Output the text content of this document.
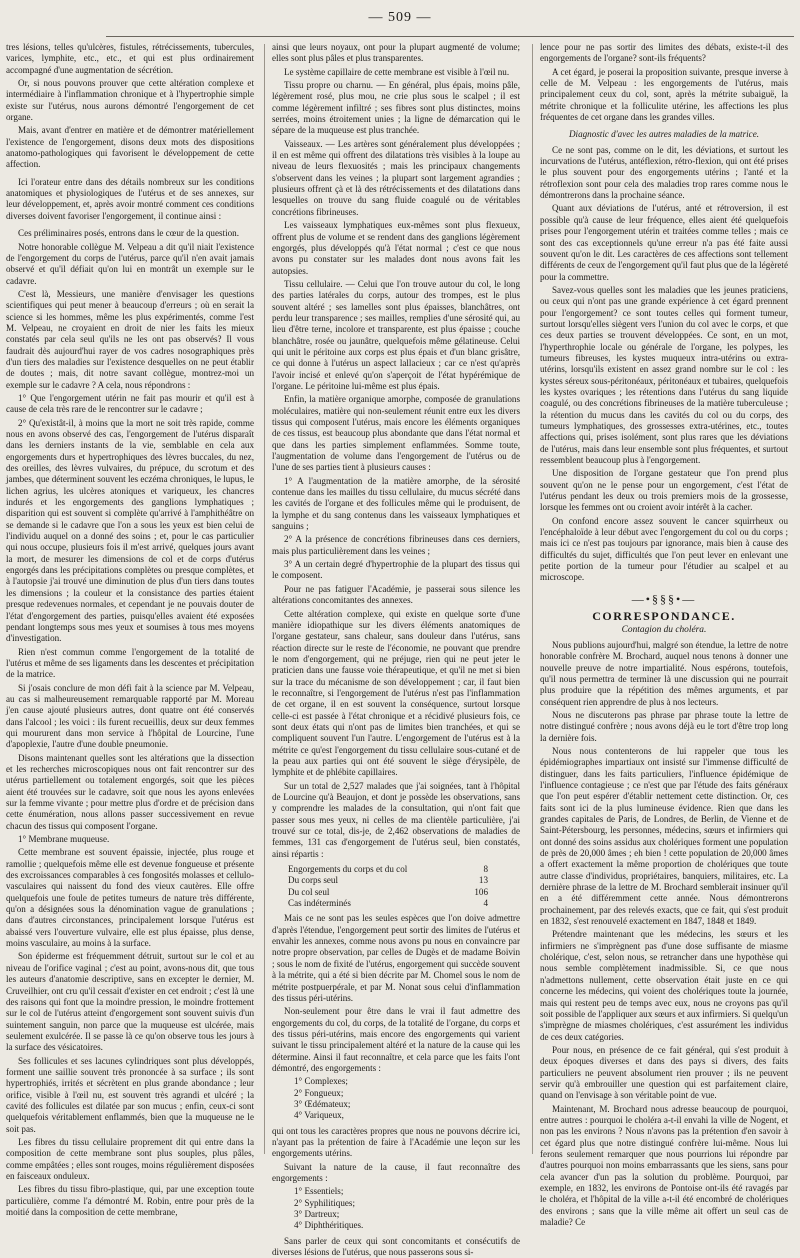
— 509 —

tres lésions, telles qu'ulcères, fistules, rétrécissements, tubercules, varices, lymphite, etc., etc., et qui est plus ordinairement accompagné d'une augmentation de sécrétion.

Or, si nous pouvons prouver que cette altération complexe et intermédiaire à l'inflammation chronique et à l'hypertrophie simple existe sur l'utérus, nous aurons démontré l'engorgement de cet organe.

Mais, avant d'entrer en matière et de démontrer matériellement l'existence de l'engorgement, disons deux mots des dispositions anatomo-pathologiques qui favorisent le développement de cette affection.

Ici l'orateur entre dans des détails nombreux sur les conditions anatomiques et physiologiques de l'utérus et de ses annexes, sur leur développement, et, après avoir montré comment ces conditions diverses doivent favoriser l'engorgement, il continue ainsi :

Ces préliminaires posés, entrons dans le cœur de la question.

Notre honorable collègue M. Velpeau a dit qu'il niait l'existence de l'engorgement du corps de l'utérus, parce qu'il n'en avait jamais observé et qu'il défiait qu'on lui en montrât un exemple sur le cadavre.

C'est là, Messieurs, une manière d'envisager les questions scientifiques qui peut mener à beaucoup d'erreurs ; où en serait la science si les hommes, même les plus expérimentés, comme l'est M. Velpeau, ne croyaient en droit de nier les faits les mieux constatés par cela seul qu'ils ne les ont pas observés? Il vous faudrait dès aujourd'hui rayer de vos cadres nosographiques près d'un tiers des maladies sur l'existence desquelles on ne peut établir de doutes ; mais, dit notre savant collègue, montrez-moi un exemple sur le cadavre ? A cela, nous répondrons :

1° Que l'engorgement utérin ne fait pas mourir et qu'il est à cause de cela très rare de le rencontrer sur le cadavre ;

2° Qu'existât-il, à moins que la mort ne soit très rapide, comme nous en avons observé des cas, l'engorgement de l'utérus disparaît dans les derniers instants de la vie, semblable en cela aux engorgements durs et hypertrophiques des lèvres buccales, du nez, des oreilles, des lèvres vulvaires, du prépuce, du scrotum et des jambes, que déterminent souvent les eczéma chroniques, le lupus, le lichen agrius, les ulcères atoniques et variqueux, les chancres indurés et les engorgements des ganglions lymphatiques ; disparition qui est souvent si complète qu'arrivé à l'amphithéâtre on se demande si le cadavre que l'on a sous les yeux est bien celui de l'individu auquel on a donné des soins ; et, pour le cas particulier qui nous occupe, plusieurs fois il m'est arrivé, quelques jours avant la mort, de mesurer les dimensions de col et de corps d'utérus engorgés dans les précipitations complètes ou presque complètes, et à l'autopsie j'ai trouvé une diminution de plus d'un tiers dans toutes les dimensions ; la couleur et la consistance des parties étaient presque redevenues normales, et cependant je ne pouvais douter de l'état d'engorgement des parties, puisqu'elles avaient été exposées pendant longtemps sous mes yeux et soumises à tous mes moyens d'investigation.

Rien n'est commun comme l'engorgement de la totalité de l'utérus et même de ses ligaments dans les descentes et précipitation de la matrice.

Si j'osais conclure de mon défi fait à la science par M. Velpeau, au cas si malheureusement remarquable rapporté par M. Moreau j'en cause ajouté plusieurs autres, dont quatre ont été conservés dans l'alcool ; les voici : ils furent recueillis, deux sur deux femmes qui moururent dans mon service à l'hôpital de Lourcine, l'une d'apoplexie, l'autre d'une double pneumonie.

Disons maintenant quelles sont les altérations que la dissection et les recherches microscopiques nous ont fait rencontrer sur des utérus partiellement ou totalement engorgés, soit que les pièces aient été trouvées sur le cadavre, soit que nous les ayons enlevées sur la femme vivante ; pour mettre plus d'ordre et de précision dans cette énumération, nous allons passer successivement en revue chacun des tissus qui composent l'organe.

1° Membrane muqueuse.

Cette membrane est souvent épaissie, injectée, plus rouge et ramollie ; quelquefois même elle est devenue fongueuse et présente des excroissances comparables à ces fongosités molasses et cellulo-vasculaires qui naissent du fond des vieux cautères. Elle offre quelquefois une foule de petites tumeurs de nature très différente, qu'on a désignées sous la dénomination vague de granulations ; dans d'autres circonstances, principalement lorsque l'utérus est abaissé vers l'ouverture vulvaire, elle est plus épaisse, plus dense, moins vasculaire, au moins à la surface.

Son épiderme est fréquemment détruit, surtout sur le col et au niveau de l'orifice vaginal ; c'est au point, avons-nous dit, que tous les auteurs d'anatomie descriptive, sans en excepter le dernier, M. Cruveilhier, ont cru qu'il cessait d'exister en cet endroit ; c'est là une des raisons qui font que la moindre pression, le moindre frottement sur le col de l'utérus atteint d'engorgement sont souvent suivis d'un suintement sanguin, non parce que la muqueuse est ulcérée, mais seulement exulcérée. Il se passe là ce qu'on observe tous les jours à la surface des vésicatoires.

Ses follicules et ses lacunes cylindriques sont plus développés, forment une saillie souvent très prononcée à sa surface ; ils sont hypertrophiés, irrités et sécrètent en plus grande abondance ; leur orifice, visible à l'œil nu, est souvent très agrandi et ulcéré ; la cavité des follicules est dilatée par son mucus ; enfin, ceux-ci sont quelquefois véritablement enflammés, bien que la muqueuse ne le soit pas.

Les fibres du tissu cellulaire proprement dit qui entre dans la composition de cette membrane sont plus souples, plus pâles, comme empâtées ; elles sont rouges, moins régulièrement disposées en faisceaux onduleux.

Les fibres du tissu fibro-plastique, qui, par une exception toute particulière, comme l'a démontré M. Robin, entre pour près de la moitié dans la composition de cette membrane,

ainsi que leurs noyaux, ont pour la plupart augmenté de volume; elles sont plus pâles et plus transparentes.

Le système capillaire de cette membrane est visible à l'œil nu.

Tissu propre ou charnu. — En général, plus épais, moins pâle, légèrement rosé, plus mou, ne crie plus sous le scalpel ; il est comme légèrement infiltré ; ses fibres sont plus distinctes, moins serrées, moins étroitement unies ; la ligne de démarcation qui le sépare de la muqueuse est plus tranchée.

Vaisseaux. — Les artères sont généralement plus développées ; il en est même qui offrent des dilatations très visibles à la loupe au niveau de leurs flexuosités ; mais les principaux changements s'observent dans les veines ; la plupart sont largement agrandies ; plusieurs offrent çà et là des rétrécissements et des dilatations dans lesquelles on trouve du sang fluide coagulé ou de véritables concrétions fibrineuses.

Les vaisseaux lymphatiques eux-mêmes sont plus flexueux, offrent plus de volume et se rendent dans des ganglions légèrement engorgés, plus développés qu'à l'état normal ; c'est ce que nous avons pu constater sur les malades dont nous avons fait les autopsies.

Tissu cellulaire. — Celui que l'on trouve autour du col, le long des parties latérales du corps, autour des trompes, est le plus souvent altéré ; ses lamelles sont plus épaisses, blanchâtres, ont perdu leur transparence ; ses mailles, remplies d'une sérosité qui, au lieu d'être terne, incolore et transparente, est plus épaisse ; couche blanchâtre, rosée ou jaunâtre, quelquefois même gélatineuse. Celui qui unit le péritoine aux corps est plus épais et d'un blanc grisâtre, ce qui donne à l'utérus un aspect lallacieux ; car ce n'est qu'après l'avoir incisé et enlevé qu'on s'aperçoit de l'état hypérémique de l'organe. Le péritoine lui-même est plus épais.

Enfin, la matière organique amorphe, composée de granulations moléculaires, matière qui non-seulement réunit entre eux les divers tissus qui composent l'utérus, mais encore les éléments organiques de ces tissus, est beaucoup plus abondante que dans l'état normal et que dans les parties simplement enflammées. Somme toute, l'augmentation de volume dans l'engorgement de l'utérus ou de l'une de ses parties tient à plusieurs causes :

1° A l'augmentation de la matière amorphe, de la sérosité contenue dans les mailles du tissu cellulaire, du mucus sécrété dans les cavités de l'organe et des follicules même qui le produisent, de la lymphe et du sang contenus dans les vaisseaux lymphatiques et sanguins ;

2° A la présence de concrétions fibrineuses dans ces derniers, mais plus particulièrement dans les veines ;

3° A un certain degré d'hypertrophie de la plupart des tissus qui le composent.

Pour ne pas fatiguer l'Académie, je passerai sous silence les altérations concomitantes des annexes.

Cette altération complexe, qui existe en quelque sorte d'une manière idiopathique sur les divers éléments anatomiques de l'organe gestateur, sans chaleur, sans douleur dans l'utérus, sans réaction directe sur le reste de l'économie, ne pouvant que prendre le nom d'engorgement, qui ne préjuge, rien qui ne peut jeter le praticien dans une fausse voie thérapeutique, et qu'il ne met si bien sur la trace du mécanisme de son développement ; car, il faut bien le reconnaître, si l'engorgement de l'utérus n'est pas l'inflammation de cet organe, il en est souvent la conséquence, surtout lorsque celle-ci est passée à l'état chronique et a récidivé plusieurs fois, ce sont deux états qui n'ont pas de limites bien tranchées, et qui se compliquent souvent l'un l'autre. L'engorgement de l'utérus est à la métrite ce qu'est l'engorgement du tissu cellulaire sous-cutané et de la peau aux parties qui ont été souvent le siège d'érysipèle, de lymphite et de phlébite capillaires.

Sur un total de 2,527 malades que j'ai soignées, tant à l'hôpital de Lourcine qu'à Beaujon, et dont je possède les observations, sans y comprendre les malades de la consultation, qui n'ont fait que passer sous mes yeux, ni celles de ma clientèle particulière, j'ai trouvé sur ce total, dis-je, de 2,462 observations de maladies de femmes, 131 cas d'engorgement de l'utérus seul, bien constatés, ainsi répartis :

Engorgements du corps et du col	8
Du corps seul	13
Du col seul	106
Cas indéterminés	4

Mais ce ne sont pas les seules espèces que l'on doive admettre d'après l'étendue, l'engorgement peut sortir des limites de l'utérus et envahir les annexes, comme nous avons pu nous en convaincre par notre propre observation, par celles de Dugès et de madame Boivin ; sous le nom de fixité de l'utérus, engorgement qui succède souvent à la métrite, qui a été si bien décrite par M. Chomel sous le nom de métrite postpuerpérale, et par M. Nonat sous celui d'inflammation des tissus péri-utérins.

Non-seulement pour être dans le vrai il faut admettre des engorgements du col, du corps, de la totalité de l'organe, du corps et des tissus péri-utérins, mais encore des engorgements qui varient suivant le tissu principalement altéré et la nature de la cause qui les détermine. Ainsi il faut reconnaître, et cela parce que les faits l'ont démontré, des engorgements :

1° Complexes;
2° Fongueux;
3° Œdémateux;
4° Variqueux,

qui ont tous les caractères propres que nous ne pouvons décrire ici, n'ayant pas la prétention de faire à l'Académie une leçon sur les engorgements utérins.

Suivant la nature de la cause, il faut reconnaître des engorgements :

1° Essentiels;
2° Syphilitiques;
3° Dartreux;
4° Diphthéritiques.

Sans parler de ceux qui sont concomitants et consécutifs de diverses lésions de l'utérus, que nous passerons sous si-

lence pour ne pas sortir des limites des débats, existe-t-il des engorgements de l'organe? sont-ils fréquents?

A cet égard, je poserai la proposition suivante, presque inverse à celle de M. Velpeau : les engorgements de l'utérus, mais principalement ceux du col, sont, après la métrite subaiguë, la métrite chronique et la folliculite utérine, les affections les plus fréquentes de cet organe dans les grandes villes.

Diagnostic d'avec les autres maladies de la matrice.

Ce ne sont pas, comme on le dit, les déviations, et surtout les incurvations de l'utérus, antéflexion, rétro-flexion, qui ont été prises le plus souvent pour des engorgements utérins ; l'anté et la rétroflexion sont pour cela des maladies trop rares comme nous le démontrerons dans la prochaine séance.

Quant aux déviations de l'utérus, anté et rétroversion, il est possible qu'à cause de leur fréquence, elles aient été quelquefois prises pour l'engorgement utérin et traitées comme telles ; mais ce sont des cas exceptionnels qu'une erreur n'a pas été faite aussi souvent qu'on le dit. Les caractères de ces affections sont tellement différents de ceux de l'engorgement qu'il faut plus que de la légèreté pour la commettre.

Savez-vous quelles sont les maladies que les jeunes praticiens, ou ceux qui n'ont pas une grande expérience à cet égard prennent pour l'engorgement? ce sont toutes celles qui forment tumeur, surtout lorsqu'elles siègent vers l'union du col avec le corps, et que ces deux parties se trouvent développées. Ce sont, en un mot, l'hyperthrophie locale ou générale de l'organe, les polypes, les tumeurs fibreuses, les kystes muqueux intra-utérins ou extra-utérins, lorsqu'ils existent en assez grand nombre sur le col : les kystes séreux sous-péritonéaux, péritonéaux et tubaires, quelquefois les kystes ovariques ; les rétentions dans l'utérus du sang liquide coagulé, ou des concrétions fibrineuses de la matière tuberculeuse ; la rétention du mucus dans les cavités du col ou du corps, des tumeurs lymphatiques, des grossesses extra-utérines, etc., toutes affections qui, prises isolément, sont plus rares que les déviations de l'utérus, mais dans leur ensemble sont plus fréquentes, et surtout ressemblent beaucoup plus à l'engorgement.

Une disposition de l'organe gestateur que l'on prend plus souvent qu'on ne le pense pour un engorgement, c'est l'état de l'utérus pendant les deux ou trois premiers mois de la grossesse, lorsque les femmes ont ou croient avoir intérêt à la cacher.

On confond encore assez souvent le cancer squirrheux ou l'encéphaloïde à leur début avec l'engorgement du col ou du corps ; mais ici ce n'est pas toujours par ignorance, mais bien à cause des difficultés du sujet, difficultés que l'on peut lever en enlevant une petite portion de la tumeur pour l'étudier au scalpel et au microscope.

—•§§§•—
CORRESPONDANCE.
Contagion du choléra.

Nous publions aujourd'hui, malgré son étendue, la lettre de notre honorable confrère M. Brochard, auquel nous tenons à donner une nouvelle preuve de notre impartialité. Nous espérons, toutefois, qu'il nous permettra de terminer là une discussion qui ne pourrait plus produire que la répétition des mêmes arguments, et par conséquent rien apprendre de plus à nos lecteurs.

Nous ne discuterons pas phrase par phrase toute la lettre de notre distingué confrère ; nous avons déjà eu le tort d'être trop long la dernière fois.

Nous nous contenterons de lui rappeler que tous les épidémiographes impartiaux ont insisté sur l'immense difficulté de distinguer, dans les faits particuliers, l'influence épidémique de l'influence contagieuse ; ce n'est que par l'étude des faits généraux que l'on peut espérer d'établir nettement cette distinction. Or, ces faits sont ici de la plus lumineuse évidence. Rien que dans les grandes capitales de Paris, de Londres, de Berlin, de Vienne et de Saint-Pétersbourg, les personnes, médecins, sœurs et infirmiers qui ont donné des soins assidus aux cholériques forment une population de près de 20,000 âmes ; eh bien ! cette population de 20,000 âmes a offert exactement la même proportion de cholériques que toute autre classe d'individus, propriétaires, banquiers, militaires, etc. La dernière phrase de la lettre de M. Brochard semblerait insinuer qu'il en a été différemment cette année. Nous démontrerons prochainement, par des relevés exacts, que ce fait, qui s'est produit en 1832, s'est renouvelé exactement en 1847, 1848 et 1849.

Prétendre maintenant que les médecins, les sœurs et les infirmiers ne s'imprègnent pas d'une dose suffisante de miasme cholérique, c'est, selon nous, se retrancher dans une hypothèse qui nous semble complètement inadmissible. Si, ce que nous n'admettons nullement, cette observation était juste en ce qui concerne les médecins, qui voient des cholériques toute la journée, mais qui restent peu de temps avec eux, nous ne croyons pas qu'il soit possible de l'appliquer aux sœurs et aux infirmiers. Si quelqu'un s'imprègne de miasmes cholériques, c'est assurément les individus de ces deux catégories.

Pour nous, en présence de ce fait général, qui s'est produit à deux époques diverses et dans des pays si divers, des faits particuliers ne peuvent absolument rien prouver ; ils ne peuvent servir qu'à embrouiller une question qui est parfaitement claire, quand on l'envisage à son véritable point de vue.

Maintenant, M. Brochard nous adresse beaucoup de pourquoi, entre autres : pourquoi le choléra a-t-il envahi la ville de Nogent, et non pas les environs ? Nous n'avons pas la prétention d'en savoir à cet égard plus que notre distingué confrère lui-même. Nous lui ferons seulement remarquer que nous pourrions lui répondre par d'autres pourquoi non moins embarrassants que les siens, sans pour cela avancer d'un pas la solution du problème. Pourquoi, par exemple, en 1832, les environs de Pontoise ont-ils été ravagés par le choléra, et l'hôpital de la ville a-t-il été encombré de cholériques des environs ; sans que la ville même ait offert un seul cas de maladie? Ce
